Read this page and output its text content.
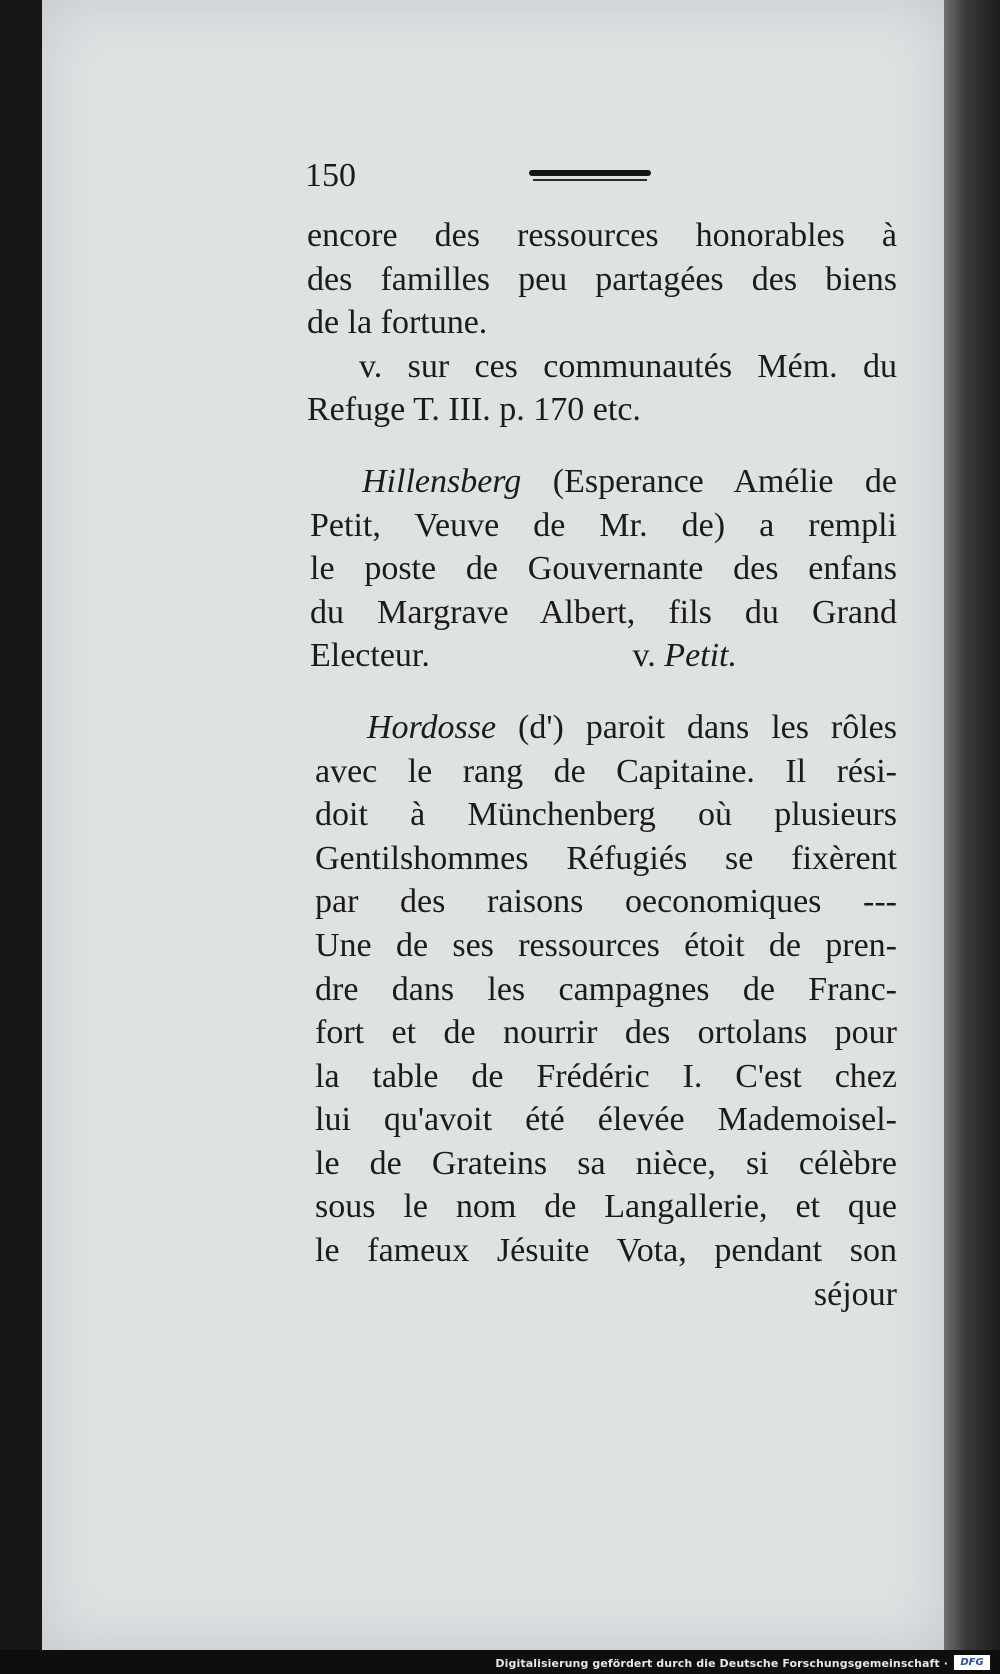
150
encore des ressources honorables à
des familles peu partagées des biens
de la fortune.
v. sur ces communautés Mém. du
Refuge T. III. p. 170 etc.
Hillensberg (Esperance Amélie de
Petit, Veuve de Mr. de) a rempli
le poste de Gouvernante des enfans
du Margrave Albert, fils du Grand
Electeur.	v. Petit.
Hordosse (d') paroit dans les rôles
avec le rang de Capitaine. Il rési-
doit à Münchenberg où plusieurs
Gentilshommes Réfugiés se fixèrent
par des raisons oeconomiques ---
Une de ses ressources étoit de pren-
dre dans les campagnes de Franc-
fort et de nourrir des ortolans pour
la table de Frédéric I. C'est chez
lui qu'avoit été élevée Mademoisel-
le de Grateins sa nièce, si célèbre
sous le nom de Langallerie, et que
le fameux Jésuite Vota, pendant son
séjour
Digitalisierung gefördert durch die Deutsche Forschungsgemeinschaft ·	DFG
